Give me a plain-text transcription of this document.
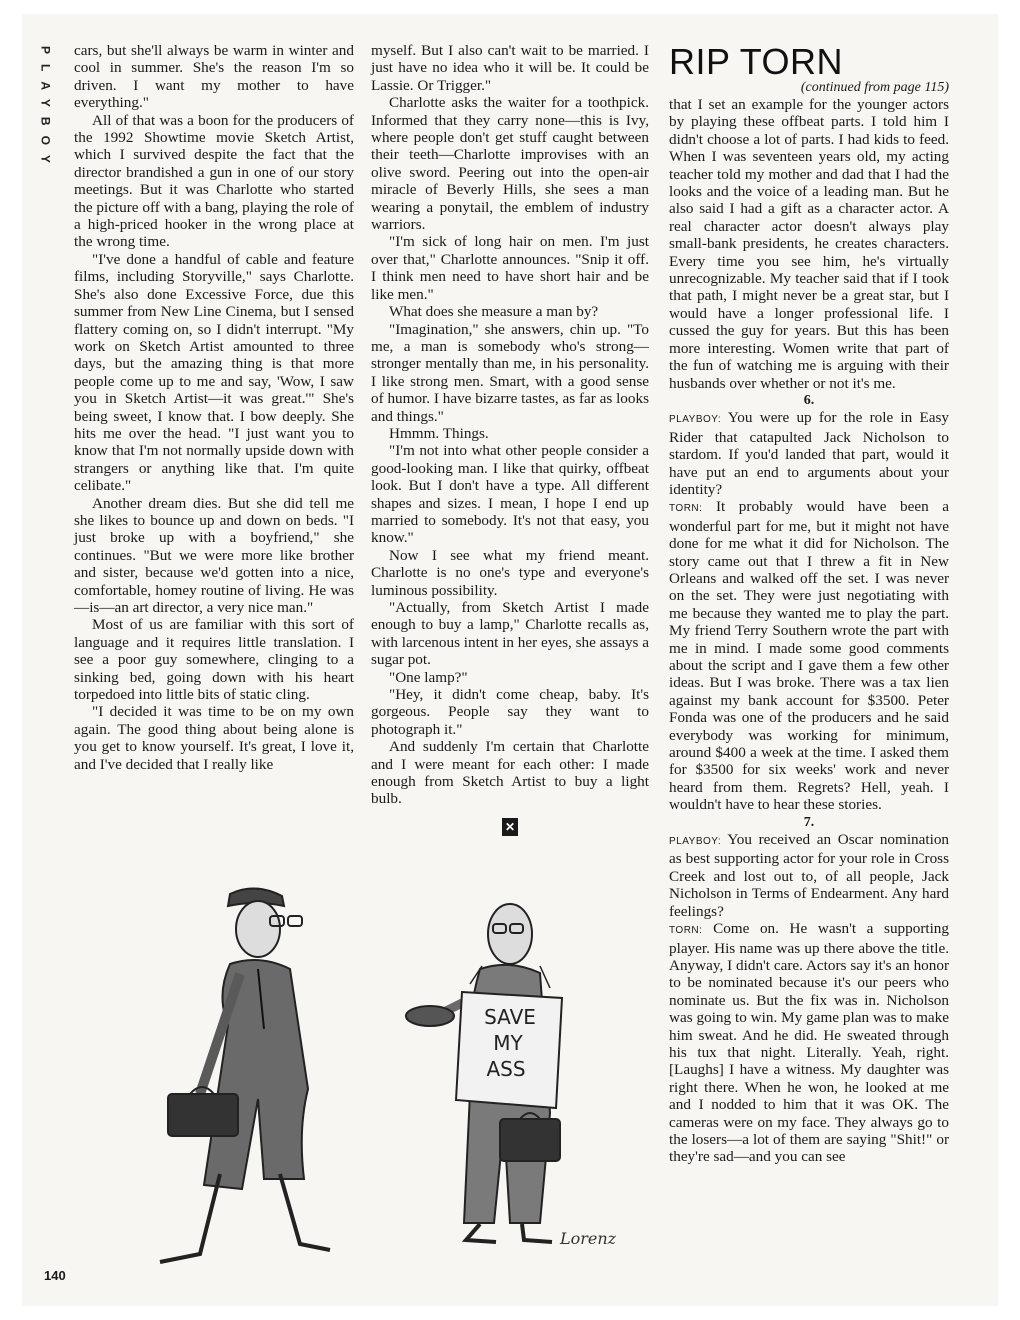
PLAYBOY cars, but she'll always be warm in winter and cool in summer. She's the reason I'm so driven. I want my mother to have everything."

All of that was a boon for the producers of the 1992 Showtime movie Sketch Artist, which I survived despite the fact that the director brandished a gun in one of our story meetings. But it was Charlotte who started the picture off with a bang, playing the role of a high-priced hooker in the wrong place at the wrong time.

"I've done a handful of cable and feature films, including Storyville," says Charlotte. She's also done Excessive Force, due this summer from New Line Cinema, but I sensed flattery coming on, so I didn't interrupt. "My work on Sketch Artist amounted to three days, but the amazing thing is that more people come up to me and say, 'Wow, I saw you in Sketch Artist—it was great.'" She's being sweet, I know that. I bow deeply. She hits me over the head. "I just want you to know that I'm not normally upside down with strangers or anything like that. I'm quite celibate."

Another dream dies. But she did tell me she likes to bounce up and down on beds. "I just broke up with a boyfriend," she continues. "But we were more like brother and sister, because we'd gotten into a nice, comfortable, homey routine of living. He was—is—an art director, a very nice man."

Most of us are familiar with this sort of language and it requires little translation. I see a poor guy somewhere, clinging to a sinking bed, going down with his heart torpedoed into little bits of static cling.

"I decided it was time to be on my own again. The good thing about being alone is you get to know yourself. It's great, I love it, and I've decided that I really like

myself. But I also can't wait to be married. I just have no idea who it will be. It could be Lassie. Or Trigger."

Charlotte asks the waiter for a toothpick. Informed that they carry none—this is Ivy, where people don't get stuff caught between their teeth—Charlotte improvises with an olive sword. Peering out into the open-air miracle of Beverly Hills, she sees a man wearing a ponytail, the emblem of industry warriors.

"I'm sick of long hair on men. I'm just over that," Charlotte announces. "Snip it off. I think men need to have short hair and be like men."

What does she measure a man by?

"Imagination," she answers, chin up. "To me, a man is somebody who's strong—stronger mentally than me, in his personality. I like strong men. Smart, with a good sense of humor. I have bizarre tastes, as far as looks and things."

Hmmm. Things.

"I'm not into what other people consider a good-looking man. I like that quirky, offbeat look. But I don't have a type. All different shapes and sizes. I mean, I hope I end up married to somebody. It's not that easy, you know."

Now I see what my friend meant. Charlotte is no one's type and everyone's luminous possibility.

"Actually, from Sketch Artist I made enough to buy a lamp," Charlotte recalls as, with larcenous intent in her eyes, she assays a sugar pot.

"One lamp?"

"Hey, it didn't come cheap, baby. It's gorgeous. People say they want to photograph it."

And suddenly I'm certain that Charlotte and I were meant for each other: I made enough from Sketch Artist to buy a light bulb.

✕
RIP TORN

(continued from page 115)

that I set an example for the younger actors by playing these offbeat parts. I told him I didn't choose a lot of parts. I had kids to feed. When I was seventeen years old, my acting teacher told my mother and dad that I had the looks and the voice of a leading man. But he also said I had a gift as a character actor. A real character actor doesn't always play small-bank presidents, he creates characters. Every time you see him, he's virtually unrecognizable. My teacher said that if I took that path, I might never be a great star, but I would have a longer professional life. I cussed the guy for years. But this has been more interesting. Women write that part of the fun of watching me is arguing with their husbands over whether or not it's me.

6.

PLAYBOY: You were up for the role in Easy Rider that catapulted Jack Nicholson to stardom. If you'd landed that part, would it have put an end to arguments about your identity?

TORN: It probably would have been a wonderful part for me, but it might not have done for me what it did for Nicholson. The story came out that I threw a fit in New Orleans and walked off the set. I was never on the set. They were just negotiating with me because they wanted me to play the part. My friend Terry Southern wrote the part with me in mind. I made some good comments about the script and I gave them a few other ideas. But I was broke. There was a tax lien against my bank account for $3500. Peter Fonda was one of the producers and he said everybody was working for minimum, around $400 a week at the time. I asked them for $3500 for six weeks' work and never heard from them. Regrets? Hell, yeah. I wouldn't have to hear these stories.

7.

PLAYBOY: You received an Oscar nomination as best supporting actor for your role in Cross Creek and lost out to, of all people, Jack Nicholson in Terms of Endearment. Any hard feelings?

TORN: Come on. He wasn't a supporting player. His name was up there above the title. Anyway, I didn't care. Actors say it's an honor to be nominated because it's our peers who nominate us. But the fix was in. Nicholson was going to win. My game plan was to make him sweat. And he did. He sweated through his tux that night. Literally. Yeah, right. [Laughs] I have a witness. My daughter was right there. When he won, he looked at me and I nodded to him that it was OK. The cameras were on my face. They always go to the losers—a lot of them are saying "Shit!" or they're sad—and you can see

SAVE
MY
ASS
Lorenz
140
